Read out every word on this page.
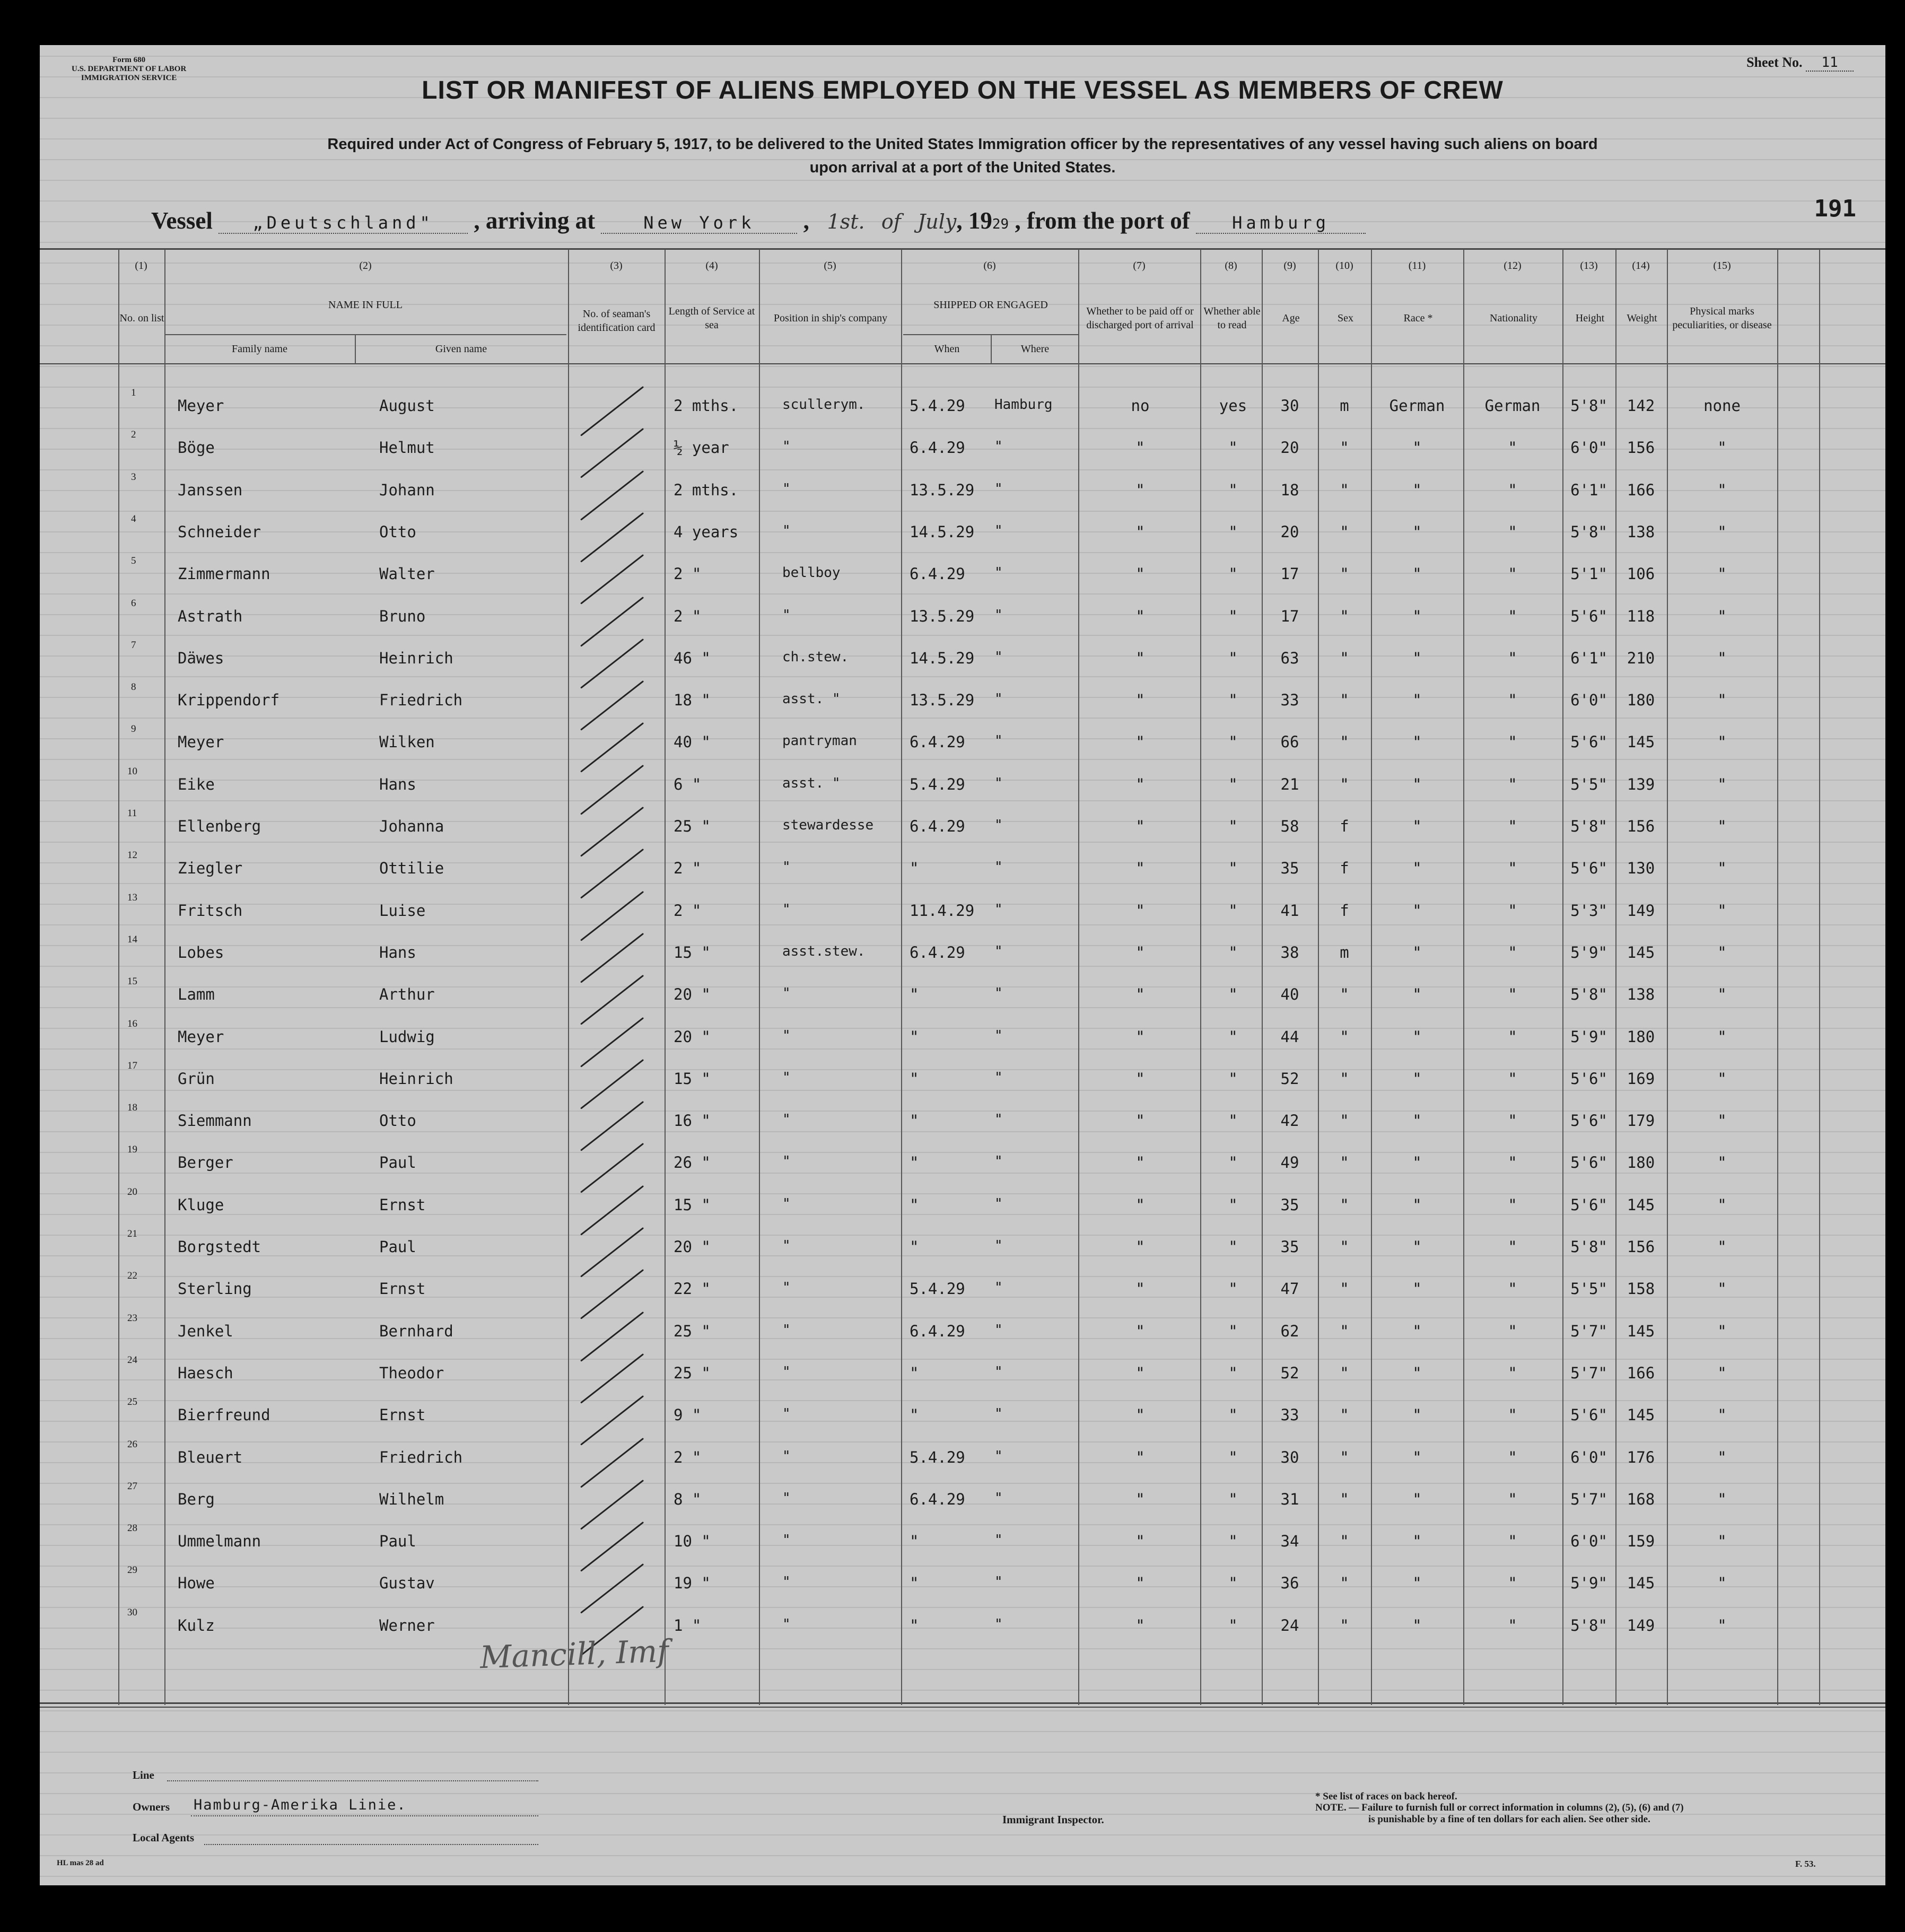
Form 680
U.S. DEPARTMENT OF LABOR
IMMIGRATION SERVICE
Sheet No. 11
LIST OR MANIFEST OF ALIENS EMPLOYED ON THE VESSEL AS MEMBERS OF CREW
Required under Act of Congress of February 5, 1917, to be delivered to the United States Immigration officer by the representatives of any vessel having such aliens on board
upon arrival at a port of the United States.
Vessel „Deutschland" , arriving at	New York ,   1st. of July, 1929 , from the port of Hamburg
191
(1)	(2)	(3)	(4)	(5)	(6)	(7)	(8)	(9)	(10)	(11)	(12)	(13)	(14)	(15)
No. on list
NAME IN FULL
Family name	Given name
No. of seaman's identification card
Length of Service at sea
Position in ship's company
SHIPPED OR ENGAGED
When	Where
Whether to be paid off or discharged port of arrival
Whether able to read
Age	Sex	Race *	Nationality	Height	Weight
Physical marks peculiarities, or disease
1
Meyer	August	2 mths.	scullerym.	5.4.29 Hamburg	no	yes	30	m	German	German	5'8"	142	none
2
Böge	Helmut	½ year	"	6.4.29 "	"	"	20	"	"	"	6'0"	156	"
3
Janssen	Johann	2 mths.	"	13.5.29 "	"	"	18	"	"	"	6'1"	166	"
4
Schneider	Otto	4 years	"	14.5.29 "	"	"	20	"	"	"	5'8"	138	"
5
Zimmermann	Walter	2 "	bellboy	6.4.29 "	"	"	17	"	"	"	5'1"	106	"
6
Astrath	Bruno	2 "	"	13.5.29 "	"	"	17	"	"	"	5'6"	118	"
7
Däwes	Heinrich	46 "	ch.stew.	14.5.29 "	"	"	63	"	"	"	6'1"	210	"
8
Krippendorf	Friedrich	18 "	asst. "	13.5.29 "	"	"	33	"	"	"	6'0"	180	"
9
Meyer	Wilken	40 "	pantryman	6.4.29 "	"	"	66	"	"	"	5'6"	145	"
10
Eike	Hans	6 "	asst. "	5.4.29 "	"	"	21	"	"	"	5'5"	139	"
11
Ellenberg	Johanna	25 "	stewardesse 6.4.29 "	"	"	58	f	"	"	5'8"	156	"
12
Ziegler	Ottilie	2 "	"	"	"	"	"	35	f	"	"	5'6"	130	"
13
Fritsch	Luise	2 "	"	11.4.29 "	"	"	41	f	"	"	5'3"	149	"
14
Lobes	Hans	15 "	asst.stew.	6.4.29 "	"	"	38	m	"	"	5'9"	145	"
15
Lamm	Arthur	20 "	"	"	"	"	"	40	"	"	"	5'8"	138	"
16
Meyer	Ludwig	20 "	"	"	"	"	"	44	"	"	"	5'9"	180	"
17
Grün	Heinrich	15 "	"	"	"	"	"	52	"	"	"	5'6"	169	"
18
Siemmann	Otto	16 "	"	"	"	"	"	42	"	"	"	5'6"	179	"
19
Berger	Paul	26 "	"	"	"	"	"	49	"	"	"	5'6"	180	"
20
Kluge	Ernst	15 "	"	"	"	"	"	35	"	"	"	5'6"	145	"
21
Borgstedt	Paul	20 "	"	"	"	"	"	35	"	"	"	5'8"	156	"
22
Sterling	Ernst	22 "	"	5.4.29 "	"	"	47	"	"	"	5'5"	158	"
23
Jenkel	Bernhard	25 "	"	6.4.29 "	"	"	62	"	"	"	5'7"	145	"
24
Haesch	Theodor	25 "	"	"	"	"	"	52	"	"	"	5'7"	166	"
25
Bierfreund	Ernst	9 "	"	"	"	"	"	33	"	"	"	5'6"	145	"
26
Bleuert	Friedrich	2 "	"	5.4.29 "	"	"	30	"	"	"	6'0"	176	"
27
Berg	Wilhelm	8 "	"	6.4.29 "	"	"	31	"	"	"	5'7"	168	"
28
Ummelmann	Paul	10 "	"	"	"	"	"	34	"	"	"	6'0"	159	"
29
Howe	Gustav	19 "	"	"	"	"	"	36	"	"	"	5'9"	145	"
30
Kulz	Werner	1 "	"	"	"	"	"	24	"	"	"	5'8"	149	"
Mancill, Imf
Line
Owners Hamburg-Amerika Linie.
Local Agents
Immigrant Inspector.
* See list of races on back hereof.
NOTE. — Failure to furnish full or correct information in columns (2), (5), (6) and (7)
is punishable by a fine of ten dollars for each alien. See other side.
HL mas 28 ad	F. 53.
